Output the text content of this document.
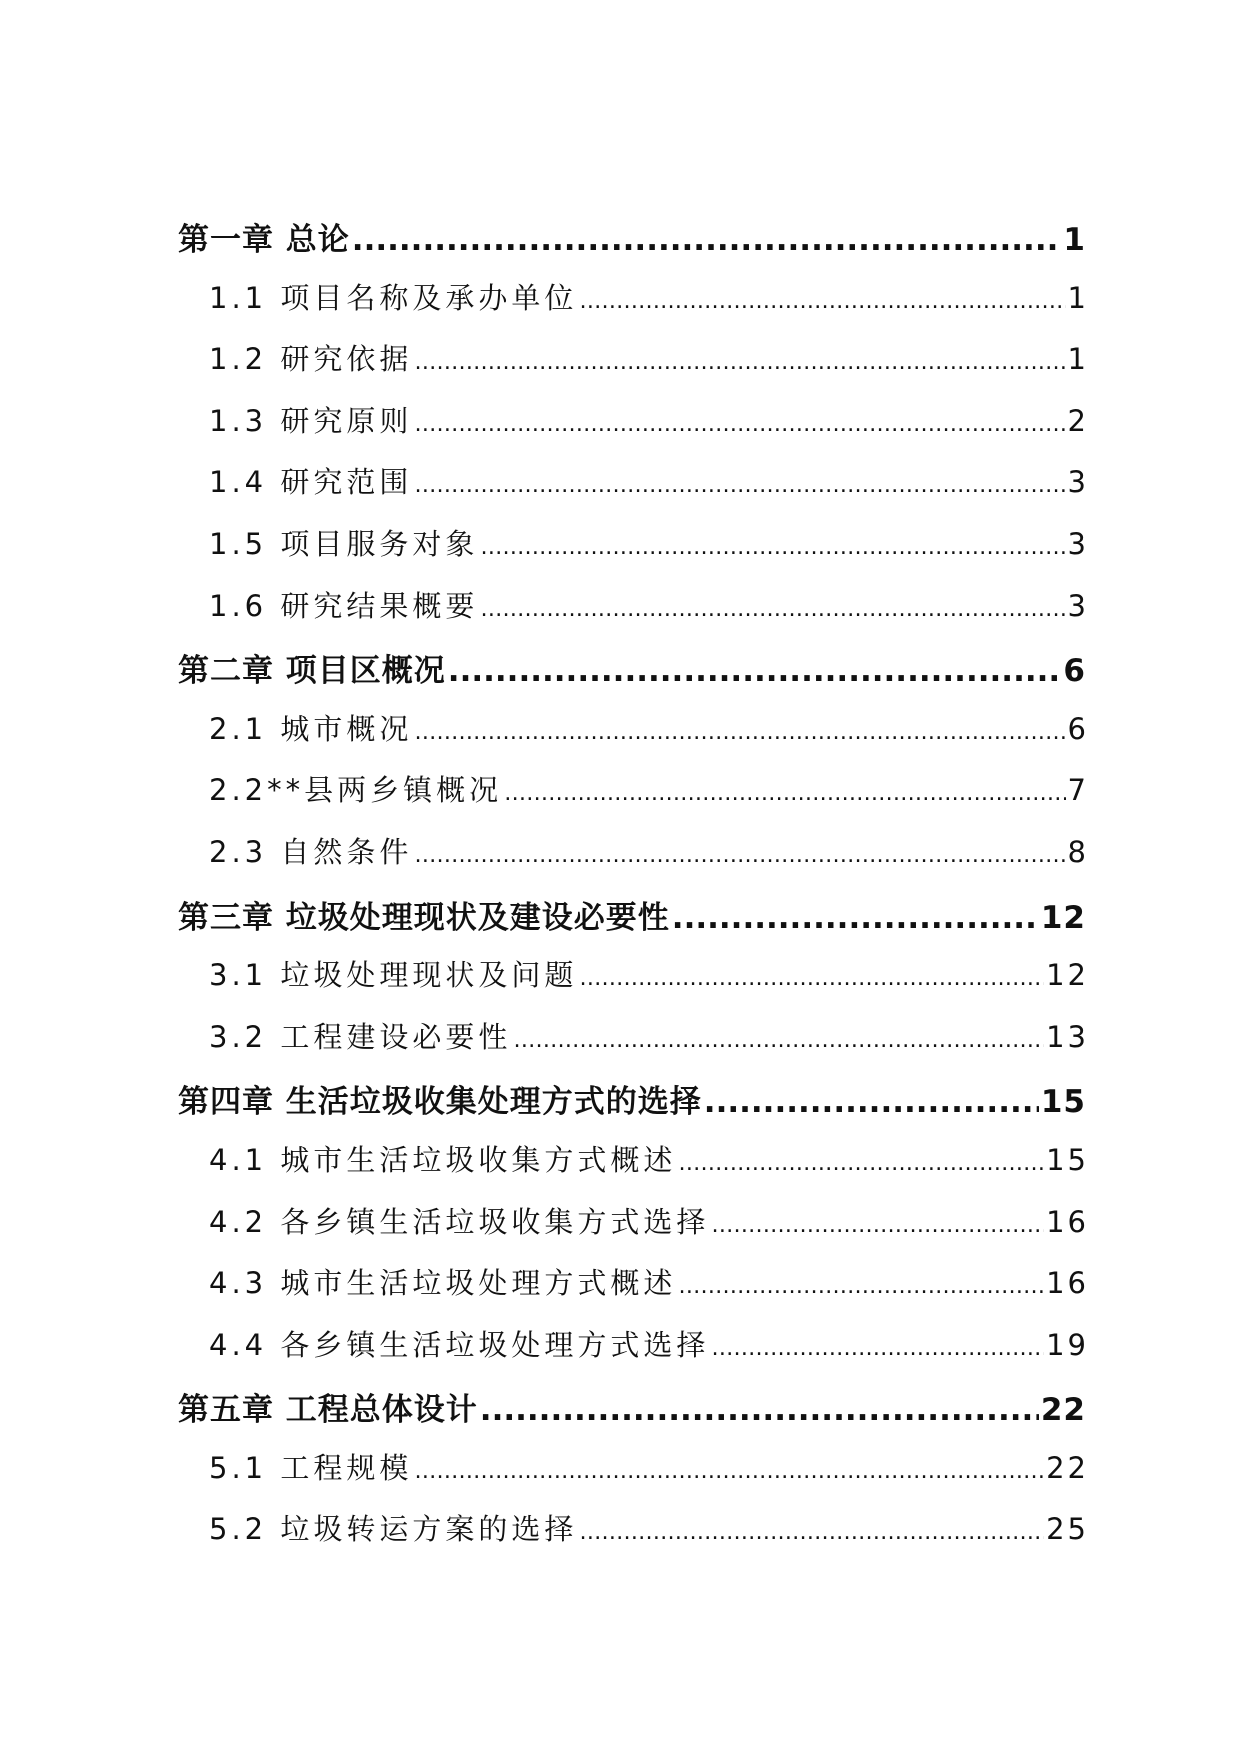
第一章 总论 .....	1
1.1 项目名称及承办单位 …………………………………………………………………………………………………………………………………………………………………………………………………	1
1.2 研究依据 …………………………………………………………………………………………………………………………………………………………………………………………………	1
1.3 研究原则 …………………………………………………………………………………………………………………………………………………………………………………………………	2
1.4 研究范围 …………………………………………………………………………………………………………………………………………………………………………………………………	3
1.5 项目服务对象 …………………………………………………………………………………………………………………………………………………………………………………………………	3
1.6 研究结果概要 …………………………………………………………………………………………………………………………………………………………………………………………………	3
第二章 项目区概况 .....	6
2.1 城市概况 …………………………………………………………………………………………………………………………………………………………………………………………………	6
2.2**县两乡镇概况 …………………………………………………………………………………………………………………………………………………………………………………………………	7
2.3 自然条件 …………………………………………………………………………………………………………………………………………………………………………………………………	8
第三章 垃圾处理现状及建设必要性 .....	12
3.1 垃圾处理现状及问题 …………………………………………………………………………………………………………………………………………………………………………………………………	12
3.2 工程建设必要性 …………………………………………………………………………………………………………………………………………………………………………………………………	13
第四章 生活垃圾收集处理方式的选择 .....	15
4.1 城市生活垃圾收集方式概述 …………………………………………………………………………………………………………………………………………………………………………………………………	15
4.2 各乡镇生活垃圾收集方式选择 …………………………………………………………………………………………………………………………………………………………………………………………………	16
4.3 城市生活垃圾处理方式概述 …………………………………………………………………………………………………………………………………………………………………………………………………	16
4.4 各乡镇生活垃圾处理方式选择 …………………………………………………………………………………………………………………………………………………………………………………………………	19
第五章 工程总体设计 .....	22
5.1 工程规模 …………………………………………………………………………………………………………………………………………………………………………………………………	22
5.2 垃圾转运方案的选择 …………………………………………………………………………………………………………………………………………………………………………………………………	25
